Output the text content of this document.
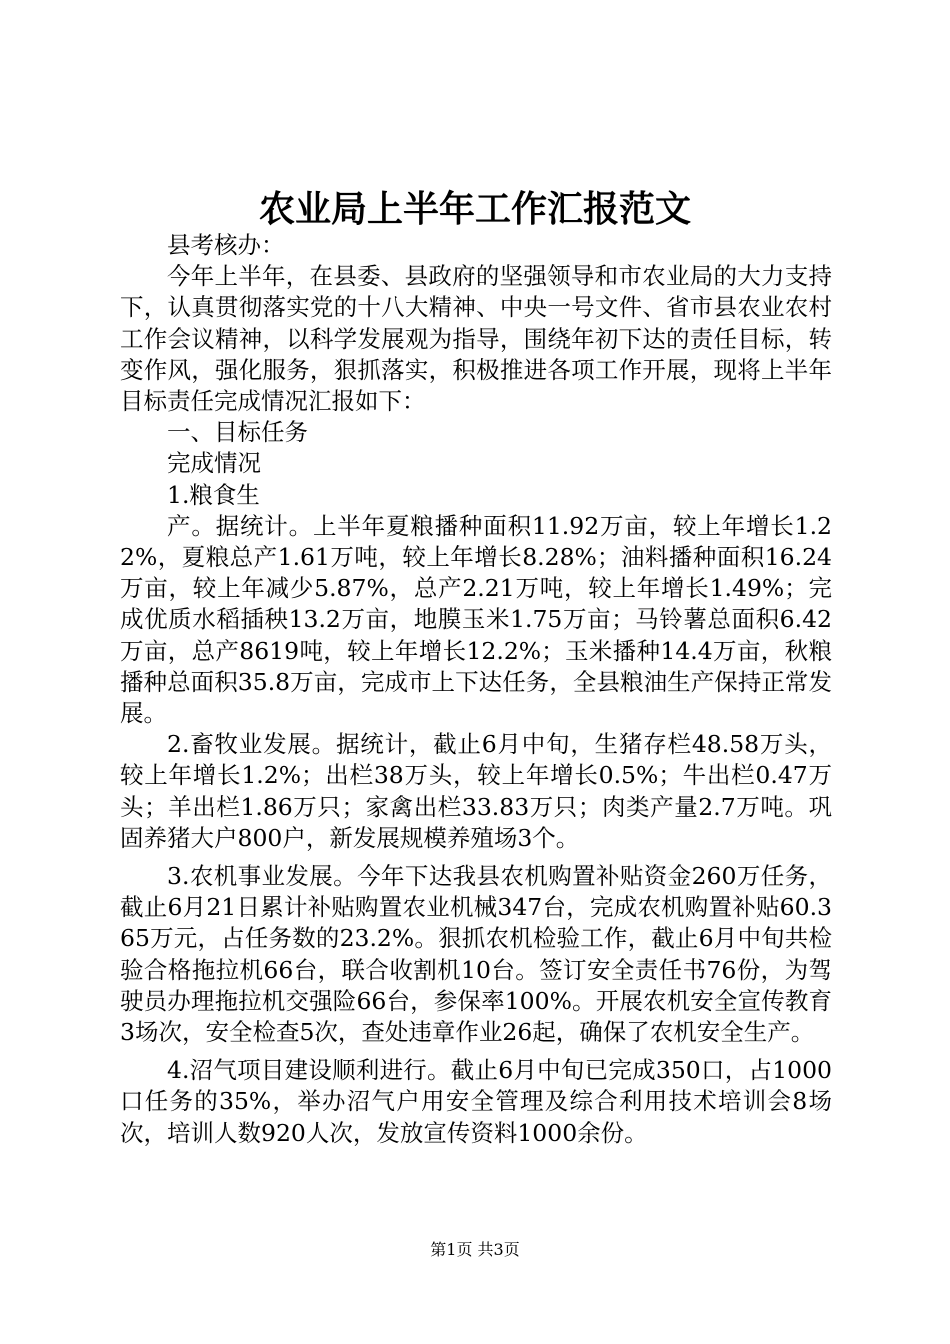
农业局上半年工作汇报范文

县考核办：

今年上半年，在县委、县政府的坚强领导和市农业局的大力支持下，认真贯彻落实党的十八大精神、中央一号文件、省市县农业农村工作会议精神，以科学发展观为指导，围绕年初下达的责任目标，转变作风，强化服务，狠抓落实，积极推进各项工作开展，现将上半年目标责任完成情况汇报如下：

一、目标任务

完成情况

1.粮食生

产。据统计。上半年夏粮播种面积11.92万亩，较上年增长1.22%，夏粮总产1.61万吨，较上年增长8.28%；油料播种面积16.24万亩，较上年减少5.87%，总产2.21万吨，较上年增长1.49%；完成优质水稻插秧13.2万亩，地膜玉米1.75万亩；马铃薯总面积6.42万亩，总产8619吨，较上年增长12.2%；玉米播种14.4万亩，秋粮播种总面积35.8万亩，完成市上下达任务，全县粮油生产保持正常发展。

2.畜牧业发展。据统计，截止6月中旬，生猪存栏48.58万头，较上年增长1.2%；出栏38万头，较上年增长0.5%；牛出栏0.47万头；羊出栏1.86万只；家禽出栏33.83万只；肉类产量2.7万吨。巩固养猪大户800户，新发展规模养殖场3个。

3.农机事业发展。今年下达我县农机购置补贴资金260万任务，截止6月21日累计补贴购置农业机械347台，完成农机购置补贴60.365万元，占任务数的23.2%。狠抓农机检验工作，截止6月中旬共检验合格拖拉机66台，联合收割机10台。签订安全责任书76份，为驾驶员办理拖拉机交强险66台，参保率100%。开展农机安全宣传教育3场次，安全检查5次，查处违章作业26起，确保了农机安全生产。

4.沼气项目建设顺利进行。截止6月中旬已完成350口，占1000口任务的35%，举办沼气户用安全管理及综合利用技术培训会8场次，培训人数920人次，发放宣传资料1000余份。

第1页 共3页
